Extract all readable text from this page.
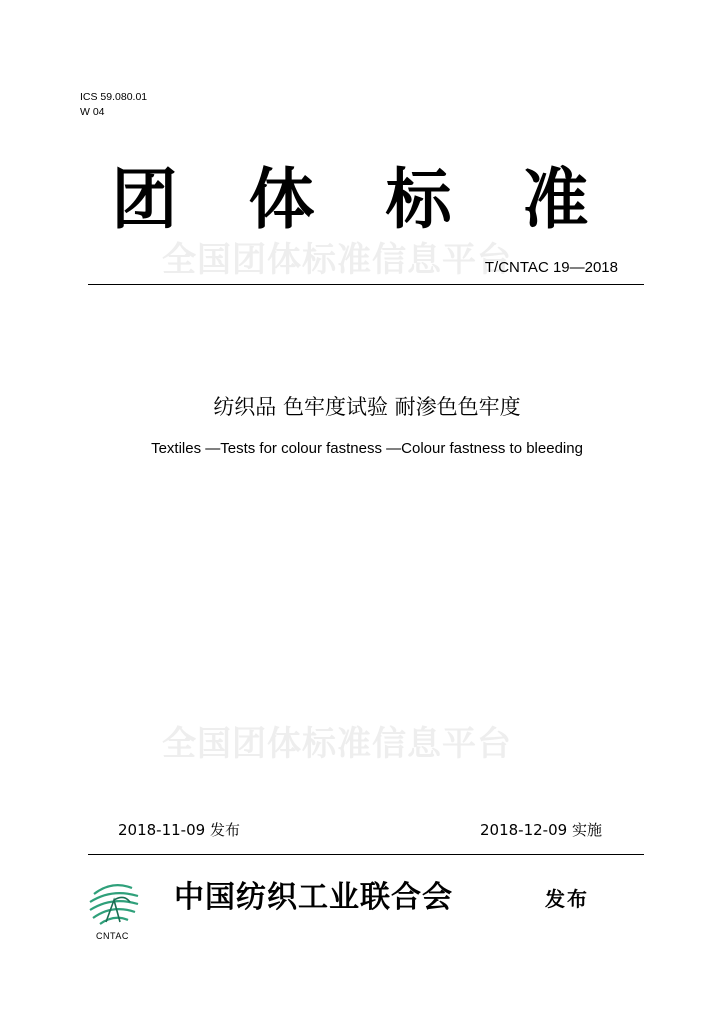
ICS 59.080.01
W 04
团 体 标 准
全国团体标准信息平台
T/CNTAC 19—2018
纺织品 色牢度试验 耐渗色色牢度
Textiles —Tests for colour fastness —Colour fastness to bleeding
全国团体标准信息平台
2018-11-09 发布	2018-12-09 实施
CNTAC
中国纺织工业联合会	发布
